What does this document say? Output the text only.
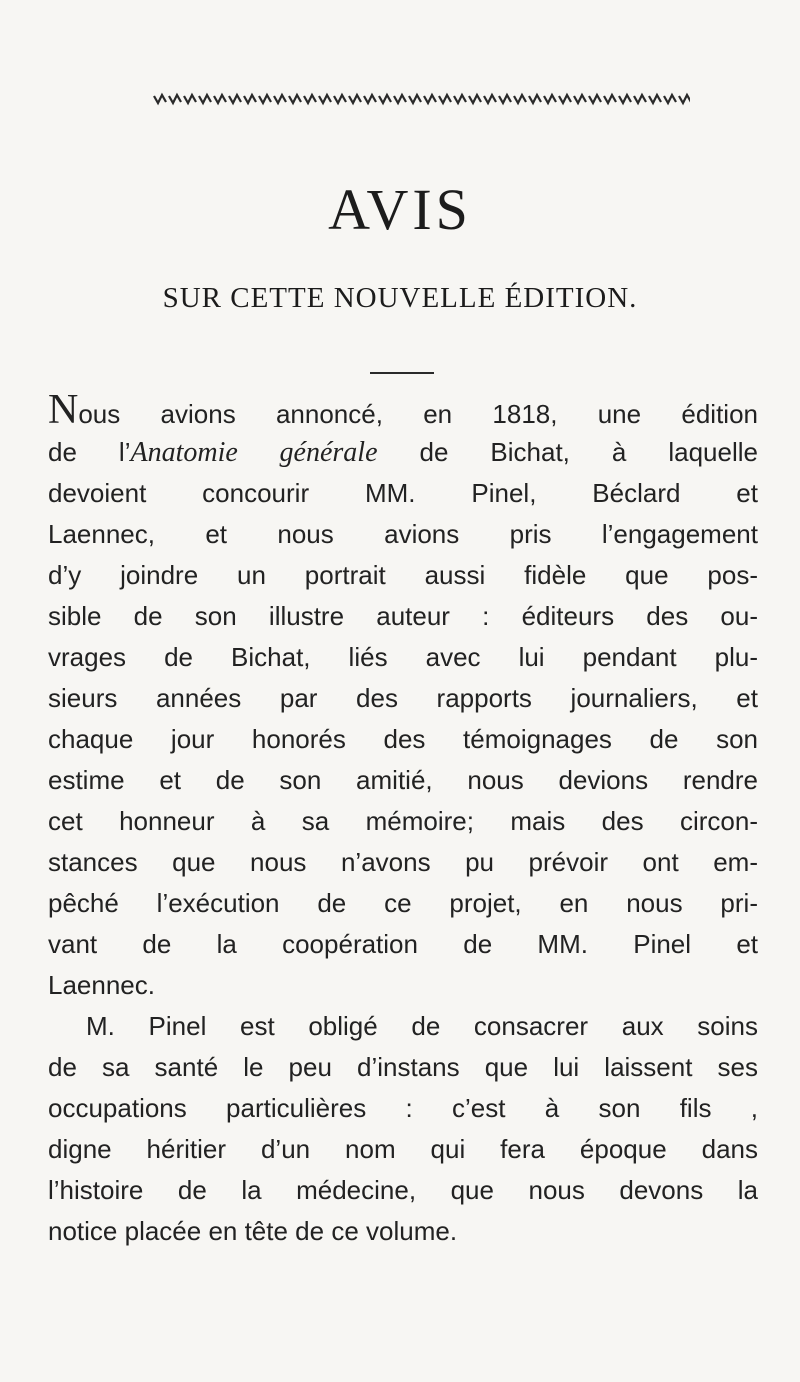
AVIS
SUR CETTE NOUVELLE ÉDITION.
Nous avions annoncé, en 1818, une édition
de l’Anatomie générale de Bichat, à laquelle
devoient concourir MM. Pinel, Béclard et
Laennec, et nous avions pris l’engagement
d’y joindre un portrait aussi fidèle que pos-
sible de son illustre auteur : éditeurs des ou-
vrages de Bichat, liés avec lui pendant plu-
sieurs années par des rapports journaliers, et
chaque jour honorés des témoignages de son
estime et de son amitié, nous devions rendre
cet honneur à sa mémoire; mais des circon-
stances que nous n’avons pu prévoir ont em-
pêché l’exécution de ce projet, en nous pri-
vant de la coopération de MM. Pinel et
Laennec.
M. Pinel est obligé de consacrer aux soins
de sa santé le peu d’instans que lui laissent ses
occupations particulières : c’est à son fils ,
digne héritier d’un nom qui fera époque dans
l’histoire de la médecine, que nous devons la
notice placée en tête de ce volume.
